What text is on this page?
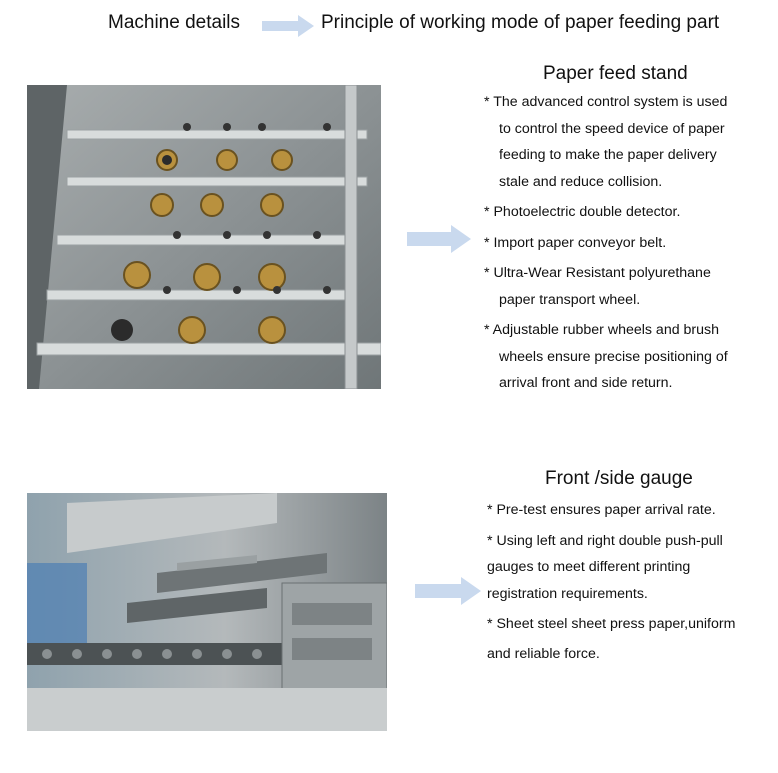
Machine details	Principle of working mode of paper feeding part
Paper feed stand
* The advanced control system is used
to control the speed device of paper
feeding to make the paper delivery
stale and reduce collision.
* Photoelectric double detector.
* Import paper conveyor belt.
* Ultra-Wear Resistant polyurethane
paper transport wheel.
* Adjustable rubber wheels and brush
wheels ensure precise positioning of
arrival front and side return.
Front /side gauge
* Pre-test ensures paper arrival rate.
* Using left and right double push-pull
gauges to meet different printing
registration requirements.
* Sheet steel sheet press paper,uniform
and reliable force.
